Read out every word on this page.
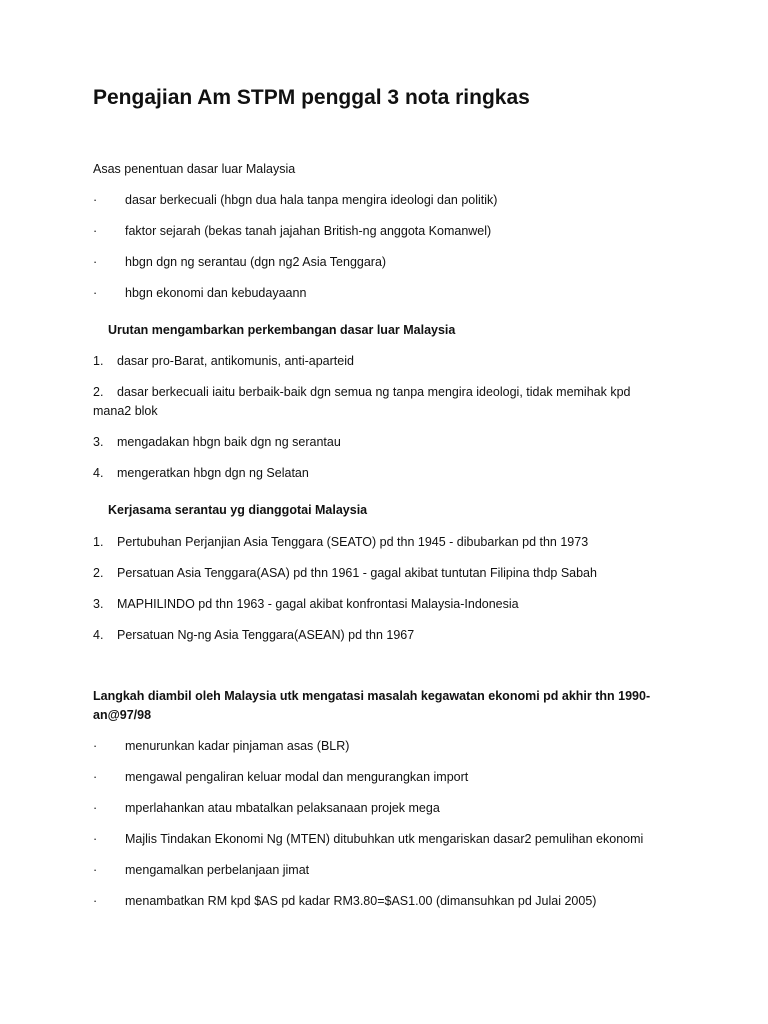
Pengajian Am STPM penggal 3 nota ringkas
Asas penentuan dasar luar Malaysia
· dasar berkecuali (hbgn dua hala tanpa mengira ideologi dan politik)
· faktor sejarah (bekas tanah jajahan British-ng anggota Komanwel)
· hbgn dgn ng serantau (dgn ng2 Asia Tenggara)
· hbgn ekonomi dan kebudayaann
Urutan mengambarkan perkembangan dasar luar Malaysia
1. dasar pro-Barat, antikomunis, anti-aparteid
2. dasar berkecuali iaitu berbaik-baik dgn semua ng tanpa mengira ideologi, tidak memihak kpd
mana2 blok
3. mengadakan hbgn baik dgn ng serantau
4. mengeratkan hbgn dgn ng Selatan
Kerjasama serantau yg dianggotai Malaysia
1. Pertubuhan Perjanjian Asia Tenggara (SEATO) pd thn 1945 - dibubarkan pd thn 1973
2. Persatuan Asia Tenggara(ASA) pd thn 1961 - gagal akibat tuntutan Filipina thdp Sabah
3. MAPHILINDO pd thn 1963 - gagal akibat konfrontasi Malaysia-Indonesia
4. Persatuan Ng-ng Asia Tenggara(ASEAN) pd thn 1967
Langkah diambil oleh Malaysia utk mengatasi masalah kegawatan ekonomi pd akhir thn 1990-
an@97/98
· menurunkan kadar pinjaman asas (BLR)
· mengawal pengaliran keluar modal dan mengurangkan import
· mperlahankan atau mbatalkan pelaksanaan projek mega
· Majlis Tindakan Ekonomi Ng (MTEN) ditubuhkan utk mengariskan dasar2 pemulihan ekonomi
· mengamalkan perbelanjaan jimat
· menambatkan RM kpd $AS pd kadar RM3.80=$AS1.00 (dimansuhkan pd Julai 2005)
